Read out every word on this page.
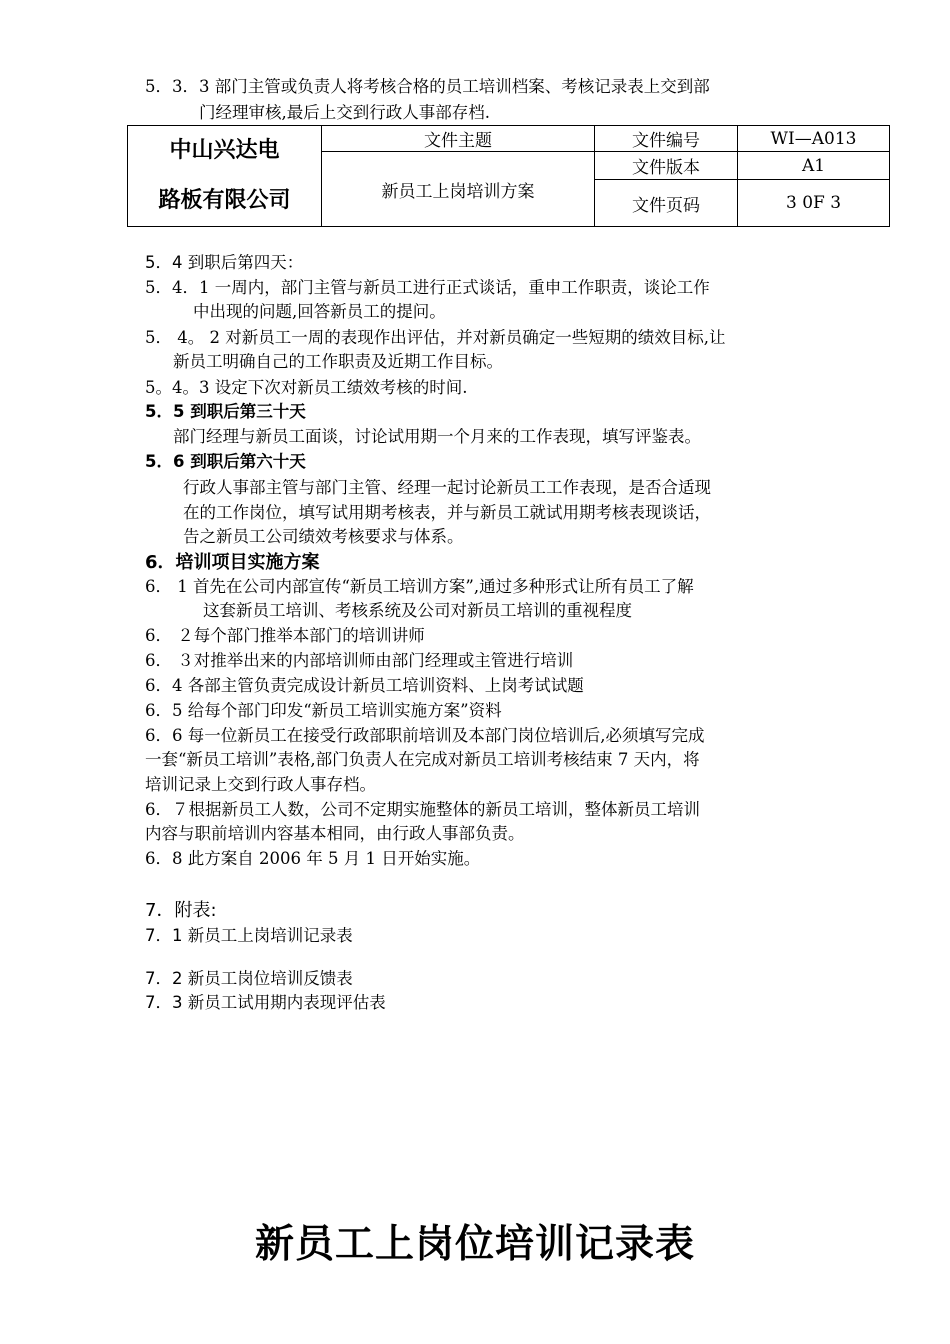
5．3．3 部门主管或负责人将考核合格的员工培训档案、考核记录表上交到部
门经理审核,最后上交到行政人事部存档.
中山兴达电
路板有限公司	文件主题	文件编号	WI—A013
	新员工上岗培训方案	文件版本	A1
		文件页码	3 0F 3
5．4 到职后第四天：
5．4．1 一周内，部门主管与新员工进行正式谈话，重申工作职责，谈论工作
中出现的问题,回答新员工的提问。
5． 4。 2 对新员工一周的表现作出评估，并对新员确定一些短期的绩效目标,让
新员工明确自己的工作职责及近期工作目标。
5。4。3 设定下次对新员工绩效考核的时间.
5．5 到职后第三十天
部门经理与新员工面谈，讨论试用期一个月来的工作表现，填写评鉴表。
5．6 到职后第六十天
行政人事部主管与部门主管、经理一起讨论新员工工作表现，是否合适现
在的工作岗位，填写试用期考核表，并与新员工就试用期考核表现谈话，
告之新员工公司绩效考核要求与体系。
6．培训项目实施方案
6． 1 首先在公司内部宣传“新员工培训方案”,通过多种形式让所有员工了解
这套新员工培训、考核系统及公司对新员工培训的重视程度
6． ２每个部门推举本部门的培训讲师
6． ３对推举出来的内部培训师由部门经理或主管进行培训
6．4 各部主管负责完成设计新员工培训资料、上岗考试试题
6．5 给每个部门印发“新员工培训实施方案”资料
6．6 每一位新员工在接受行政部职前培训及本部门岗位培训后,必须填写完成
一套“新员工培训”表格,部门负责人在完成对新员工培训考核结束 7 天内，将
培训记录上交到行政人事存档。
6．７根据新员工人数，公司不定期实施整体的新员工培训，整体新员工培训
内容与职前培训内容基本相同，由行政人事部负责。
6．8 此方案自 2006 年 5 月 1 日开始实施。
7．附表:
7．1 新员工上岗培训记录表
7．2 新员工岗位培训反馈表
7．3 新员工试用期内表现评估表
新员工上岗位培训记录表
